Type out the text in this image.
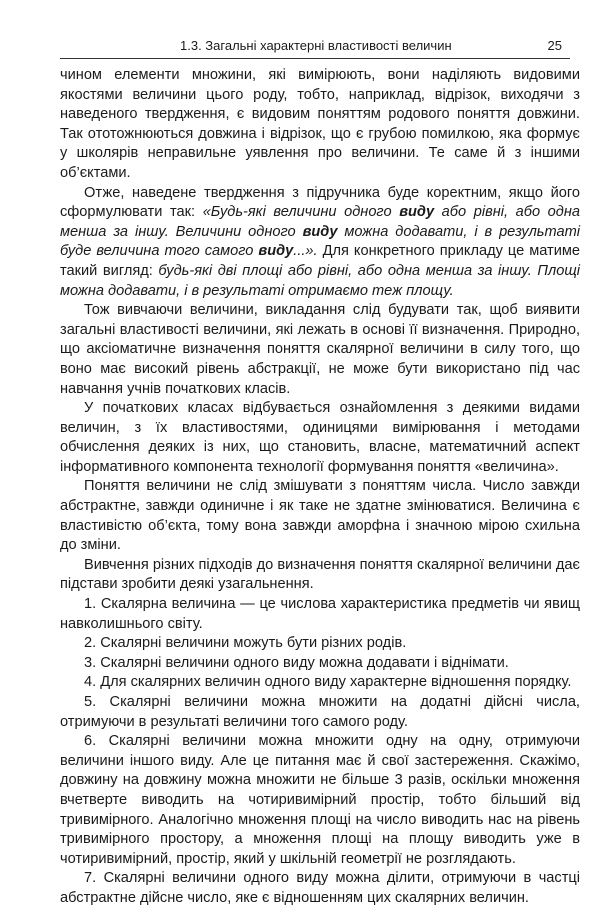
1.3. Загальні характерні властивості величин	25

чином елементи множини, які вимірюють, вони наділяють видовими якостями величини цього роду, тобто, наприклад, відрізок, виходячи з наведеного твердження, є видовим поняттям родового поняття довжини. Так ототожнюються довжина і відрізок, що є грубою помилкою, яка формує у школярів неправильне уявлення про величини. Те саме й з іншими об’єктами.

Отже, наведене твердження з підручника буде коректним, якщо його сформулювати так: «Будь-які величини одного виду або рівні, або одна менша за іншу. Величини одного виду можна додавати, і в результаті буде величина того самого виду...». Для конкретного прикладу це матиме такий вигляд: будь-які дві площі або рівні, або одна менша за іншу. Площі можна додавати, і в результаті отримаємо теж площу.

Тож вивчаючи величини, викладання слід будувати так, щоб виявити загальні властивості величини, які лежать в основі її визначення. Природно, що аксіоматичне визначення поняття скалярної величини в силу того, що воно має високий рівень абстракції, не може бути використано під час навчання учнів початкових класів.

У початкових класах відбувається ознайомлення з деякими видами величин, з їх властивостями, одиницями вимірювання і методами обчислення деяких із них, що становить, власне, математичний аспект інформативного компонента технології формування поняття «величина».

Поняття величини не слід змішувати з поняттям числа. Число завжди абстрактне, завжди одиничне і як таке не здатне змінюватися. Величина є властивістю об’єкта, тому вона завжди аморфна і значною мірою схильна до зміни.

Вивчення різних підходів до визначення поняття скалярної величини дає підстави зробити деякі узагальнення.

1. Скалярна величина — це числова характеристика предметів чи явищ навколишнього світу.

2. Скалярні величини можуть бути різних родів.

3. Скалярні величини одного виду можна додавати і віднімати.

4. Для скалярних величин одного виду характерне відношення порядку.

5. Скалярні величини можна множити на додатні дійсні числа, отримуючи в результаті величини того самого роду.

6. Скалярні величини можна множити одну на одну, отримуючи величини іншого виду. Але це питання має й свої застереження. Скажімо, довжину на довжину можна множити не більше 3 разів, оскільки множення вчетверте виводить на чотиривимірний простір, тобто більший від тривимірного. Аналогічно множення площі на число виводить нас на рівень тривимірного простору, а множення площі на площу виводить уже в чотиривимірний, простір, який у шкільній геометрії не розглядають.

7. Скалярні величини одного виду можна ділити, отримуючи в частці абстрактне дійсне число, яке є відношенням цих скалярних величин.
